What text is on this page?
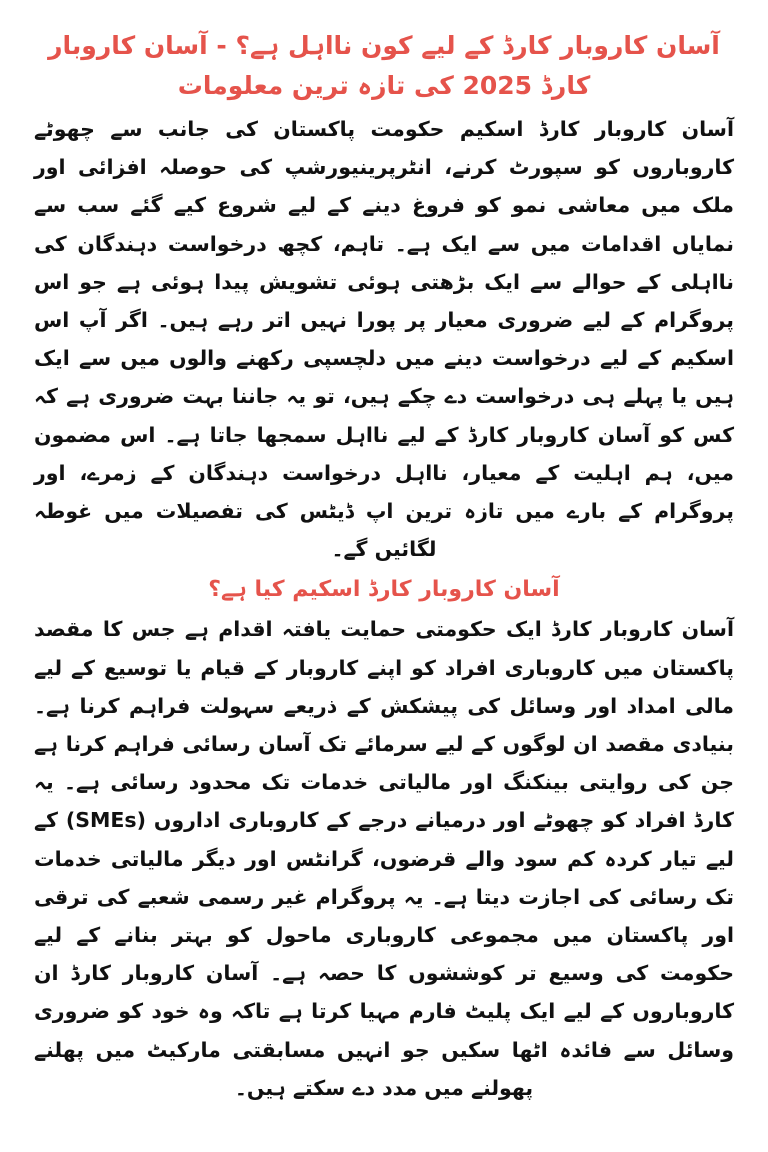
آسان کاروبار کارڈ کے لیے کون نااہل ہے؟ - آسان کاروبار کارڈ 2025 کی تازہ ترین معلومات

آسان کاروبار کارڈ اسکیم حکومت پاکستان کی جانب سے چھوٹے کاروباروں کو سپورٹ کرنے، انٹرپرینیورشپ کی حوصلہ افزائی اور ملک میں معاشی نمو کو فروغ دینے کے لیے شروع کیے گئے سب سے نمایاں اقدامات میں سے ایک ہے۔ تاہم، کچھ درخواست دہندگان کی نااہلی کے حوالے سے ایک بڑھتی ہوئی تشویش پیدا ہوئی ہے جو اس پروگرام کے لیے ضروری معیار پر پورا نہیں اتر رہے ہیں۔ اگر آپ اس اسکیم کے لیے درخواست دینے میں دلچسپی رکھنے والوں میں سے ایک ہیں یا پہلے ہی درخواست دے چکے ہیں، تو یہ جاننا بہت ضروری ہے کہ کس کو آسان کاروبار کارڈ کے لیے نااہل سمجھا جاتا ہے۔ اس مضمون میں، ہم اہلیت کے معیار، نااہل درخواست دہندگان کے زمرے، اور پروگرام کے بارے میں تازہ ترین اپ ڈیٹس کی تفصیلات میں غوطہ لگائیں گے۔

آسان کاروبار کارڈ اسکیم کیا ہے؟

آسان کاروبار کارڈ ایک حکومتی حمایت یافتہ اقدام ہے جس کا مقصد پاکستان میں کاروباری افراد کو اپنے کاروبار کے قیام یا توسیع کے لیے مالی امداد اور وسائل کی پیشکش کے ذریعے سہولت فراہم کرنا ہے۔ بنیادی مقصد ان لوگوں کے لیے سرمائے تک آسان رسائی فراہم کرنا ہے جن کی روایتی بینکنگ اور مالیاتی خدمات تک محدود رسائی ہے۔ یہ کارڈ افراد کو چھوٹے اور درمیانے درجے کے کاروباری اداروں (SMEs) کے لیے تیار کردہ کم سود والے قرضوں، گرانٹس اور دیگر مالیاتی خدمات تک رسائی کی اجازت دیتا ہے۔ یہ پروگرام غیر رسمی شعبے کی ترقی اور پاکستان میں مجموعی کاروباری ماحول کو بہتر بنانے کے لیے حکومت کی وسیع تر کوششوں کا حصہ ہے۔ آسان کاروبار کارڈ ان کاروباروں کے لیے ایک پلیٹ فارم مہیا کرتا ہے تاکہ وہ خود کو ضروری وسائل سے فائدہ اٹھا سکیں جو انہیں مسابقتی مارکیٹ میں پھلنے پھولنے میں مدد دے سکتے ہیں۔
